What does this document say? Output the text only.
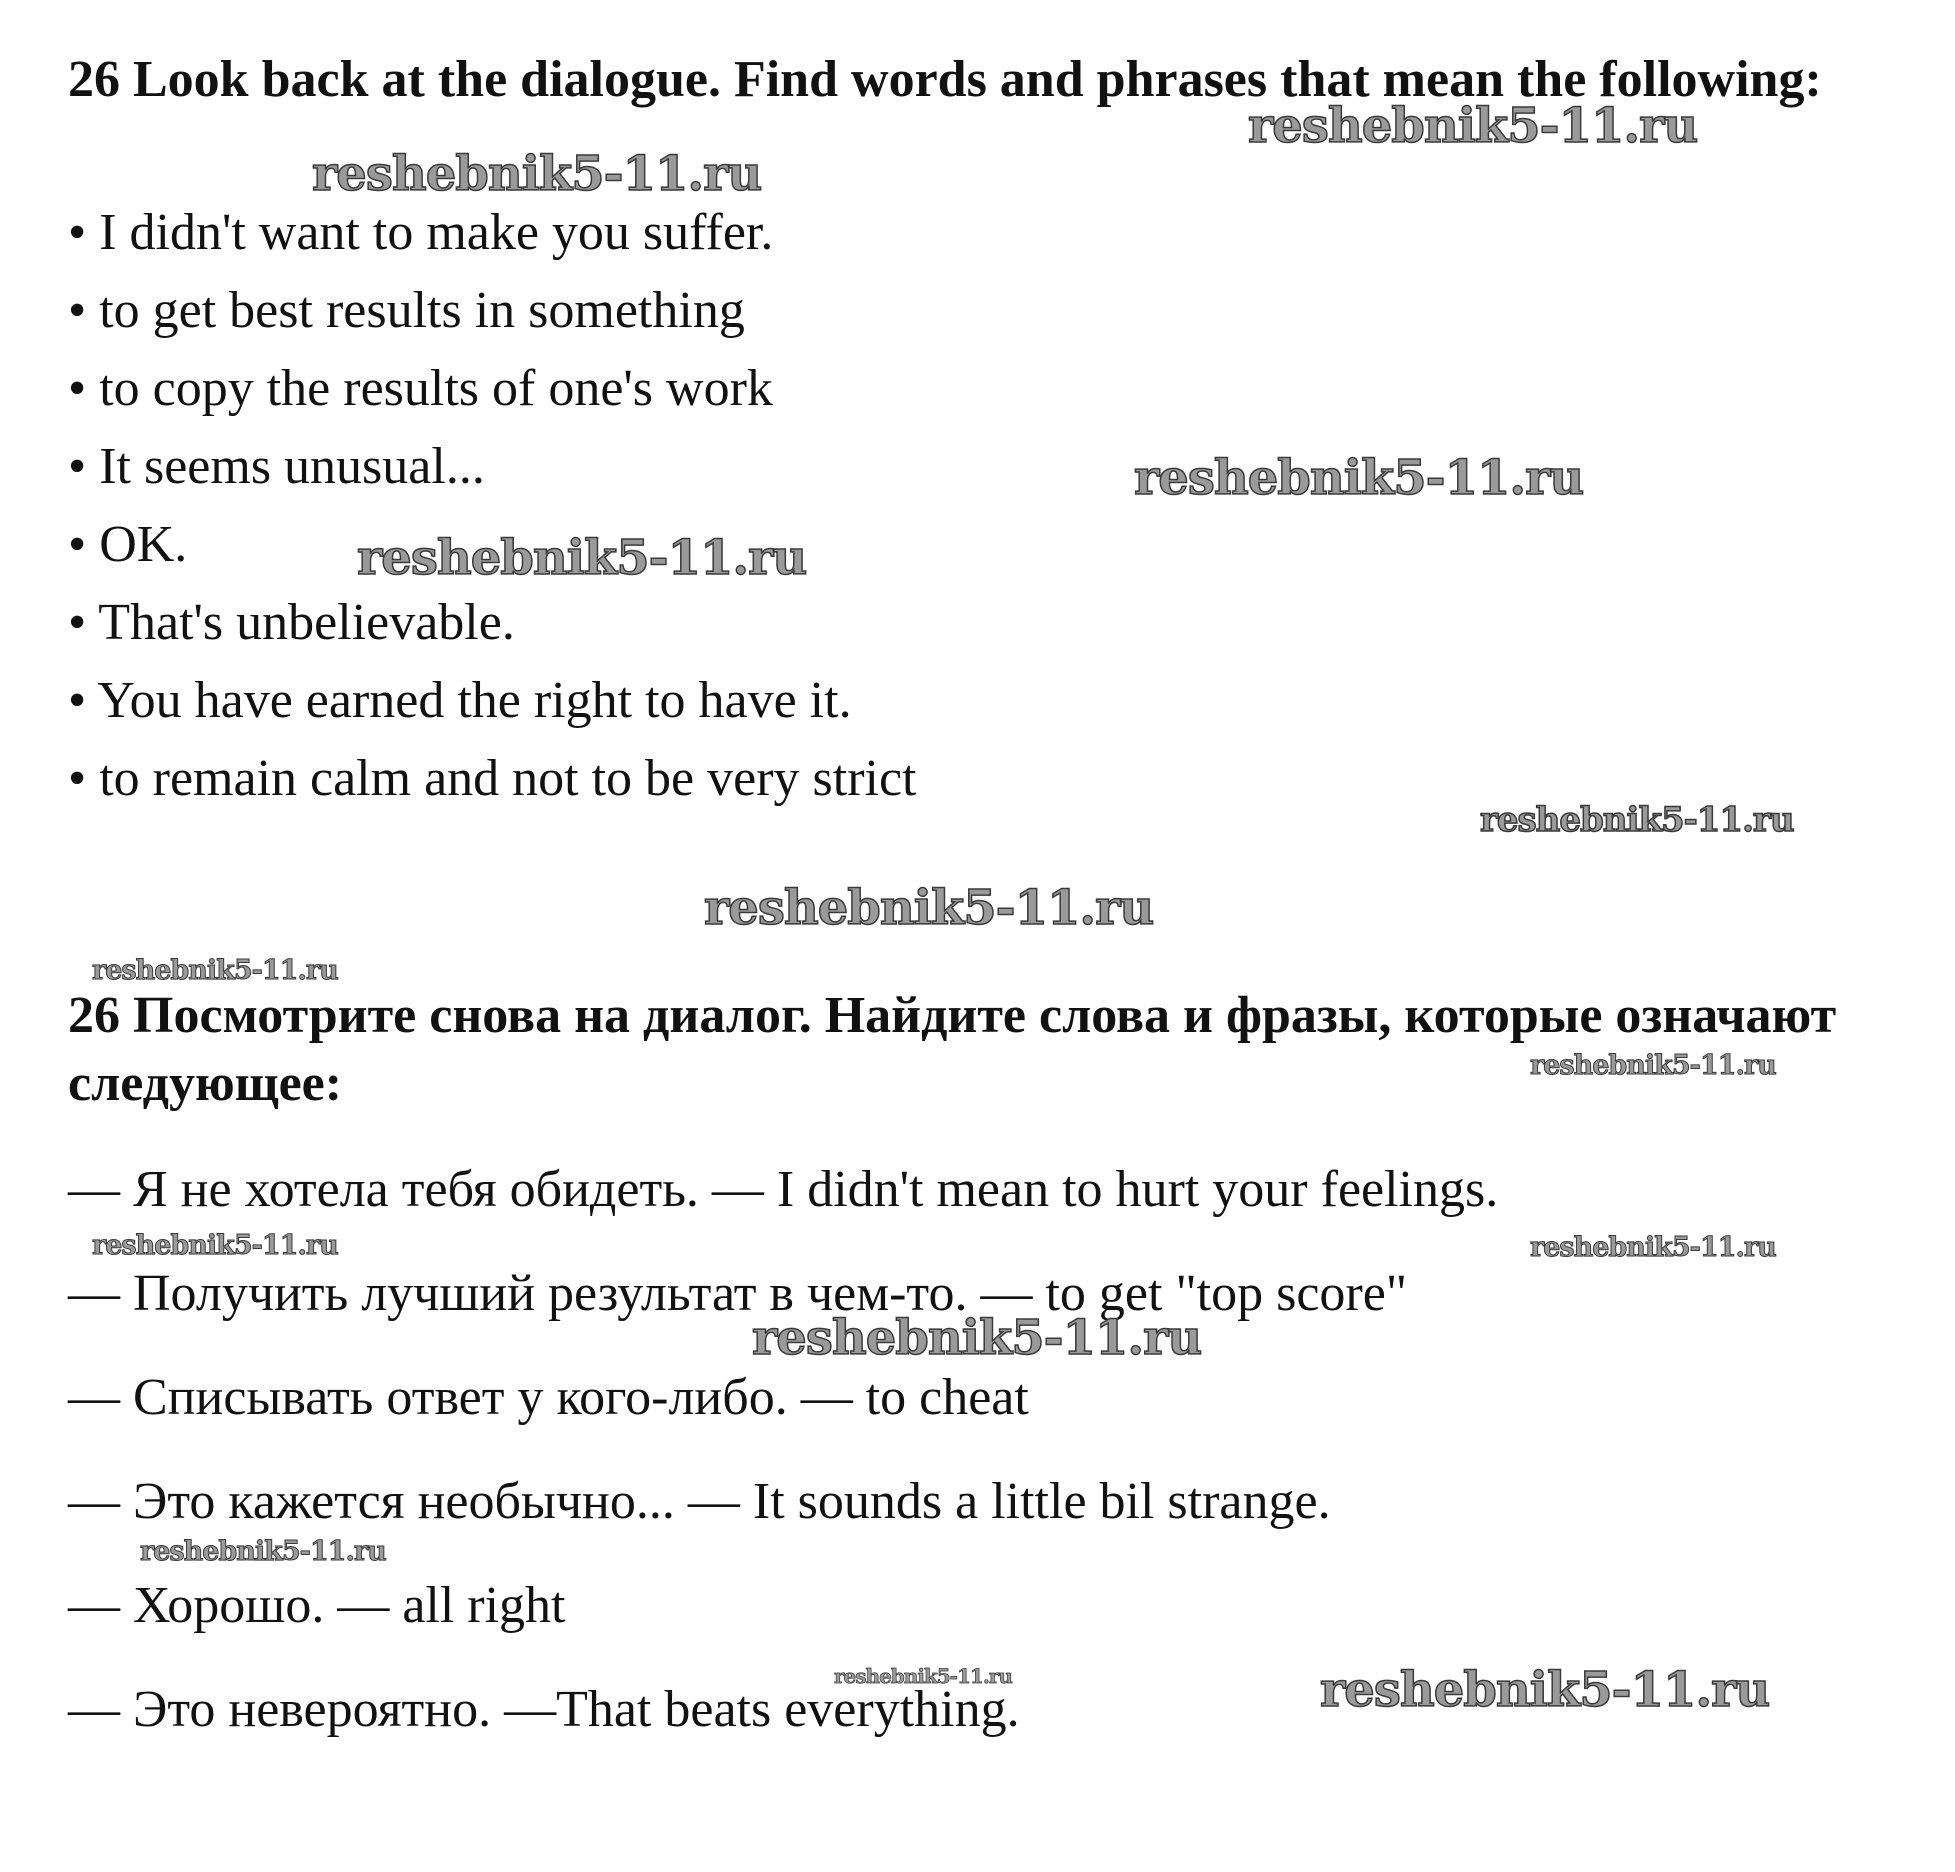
26 Look back at the dialogue. Find words and phrases that mean the following:
• I didn't want to make you suffer.
• to get best results in something
• to copy the results of one's work
• It seems unusual...
• OK.
• That's unbelievable.
• You have earned the right to have it.
• to remain calm and not to be very strict
26 Посмотрите снова на диалог. Найдите слова и фразы, которые означают следующее:
— Я не хотела тебя обидеть. — I didn't mean to hurt your feelings.
— Получить лучший результат в чем-то. — to get "top score"
— Списывать ответ у кого-либо. — to cheat
— Это кажется необычно... — It sounds a little bil strange.
— Хорошо. — all right
— Это невероятно. —That beats everything.
reshebnik5-11.ru
reshebnik5-11.ru
reshebnik5-11.ru
reshebnik5-11.ru
reshebnik5-11.ru
reshebnik5-11.ru
reshebnik5-11.ru
reshebnik5-11.ru
reshebnik5-11.ru	reshebnik5-11.ru
reshebnik5-11.ru
reshebnik5-11.ru
reshebnik5-11.ru	reshebnik5-11.ru
